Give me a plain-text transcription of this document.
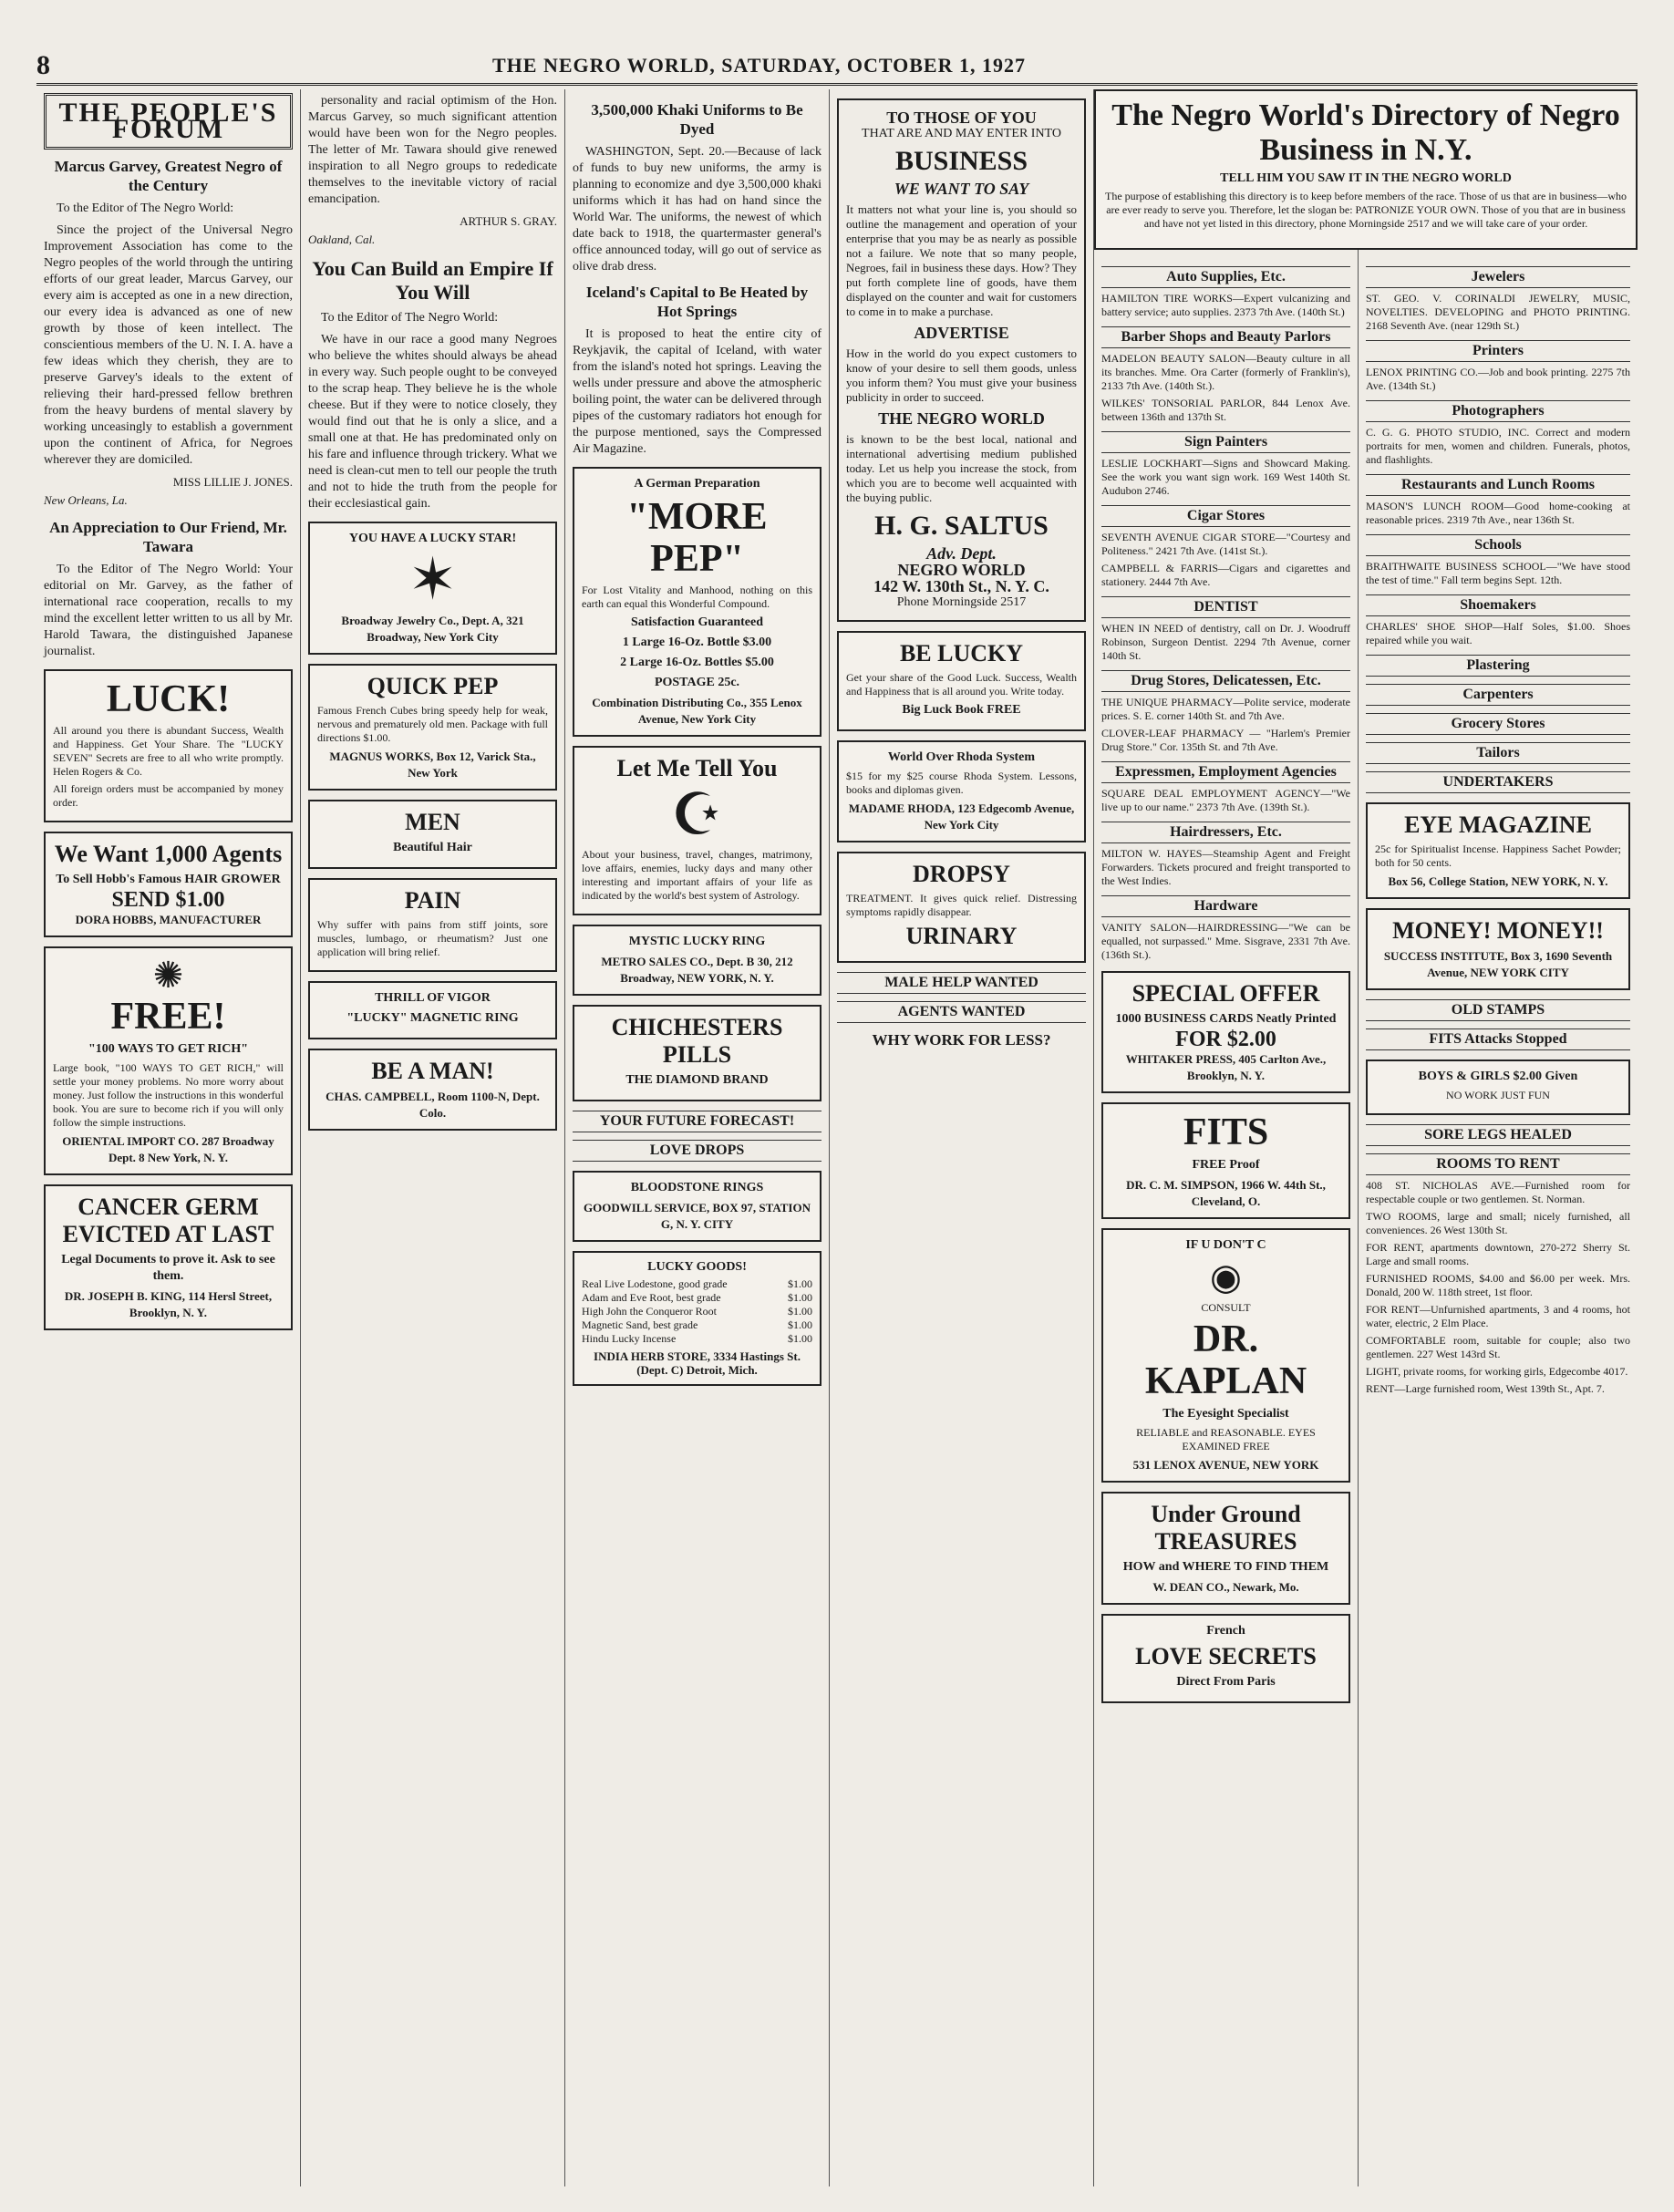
8	THE NEGRO WORLD, SATURDAY, OCTOBER 1, 1927
THE PEOPLE'S FORUM
Marcus Garvey, Greatest Negro of the Century
To the Editor of The Negro World:
Since the project of the Universal Negro Improvement Association has come to the Negro peoples of the world through the untiring efforts of our great leader, Marcus Garvey, our every aim is accepted as one in a new direction, our every idea is advanced as one of new growth by those of keen intellect. The conscientious members of the U. N. I. A. have a few ideas which they cherish, they are to preserve Garvey's ideals to the extent of relieving their hard-pressed fellow brethren from the heavy burdens of mental slavery by working unceasingly to establish a government upon the continent of Africa, for Negroes wherever they are domiciled.
MISS LILLIE J. JONES.
New Orleans, La.
An Appreciation to Our Friend, Mr. Tawara
To the Editor of The Negro World: Your editorial on Mr. Garvey, as the father of international race cooperation, recalls to my mind the excellent letter written to us all by Mr. Harold Tawara, the distinguished Japanese journalist.
LUCK!
All around you there is abundant Success, Wealth and Happiness. Get Your Share. The "LUCKY SEVEN" Secrets are free to all who write promptly. Helen Rogers & Co.
All foreign orders must be accompanied by money order.
We Want 1,000 Agents
To Sell Hobb's Famous HAIR GROWER
SEND $1.00
DORA HOBBS, MANUFACTURER
✺
FREE!
"100 WAYS TO GET RICH"
Large book, "100 WAYS TO GET RICH," will settle your money problems. No more worry about money. Just follow the instructions in this wonderful book. You are sure to become rich if you will only follow the simple instructions.
ORIENTAL IMPORT CO. 287 Broadway Dept. 8 New York, N. Y.
CANCER GERM EVICTED AT LAST
Legal Documents to prove it. Ask to see them.
DR. JOSEPH B. KING, 114 Hersl Street, Brooklyn, N. Y.
personality and racial optimism of the Hon. Marcus Garvey, so much significant attention would have been won for the Negro peoples. The letter of Mr. Tawara should give renewed inspiration to all Negro groups to rededicate themselves to the inevitable victory of racial emancipation.
ARTHUR S. GRAY.
Oakland, Cal.
You Can Build an Empire If You Will
To the Editor of The Negro World:
We have in our race a good many Negroes who believe the whites should always be ahead in every way. Such people ought to be conveyed to the scrap heap. They believe he is the whole cheese. But if they were to notice closely, they would find out that he is only a slice, and a small one at that. He has predominated only on his fare and influence through trickery. What we need is clean-cut men to tell our people the truth and not to hide the truth from the people for their ecclesiastical gain.
YOU HAVE A LUCKY STAR!
✶
Broadway Jewelry Co., Dept. A, 321 Broadway, New York City
QUICK PEP
Famous French Cubes bring speedy help for weak, nervous and prematurely old men. Package with full directions $1.00.
MAGNUS WORKS, Box 12, Varick Sta., New York
MEN
Beautiful Hair
PAIN
Why suffer with pains from stiff joints, sore muscles, lumbago, or rheumatism? Just one application will bring relief.
THRILL OF VIGOR
"LUCKY" MAGNETIC RING
BE A MAN!
CHAS. CAMPBELL, Room 1100-N, Dept. Colo.
3,500,000 Khaki Uniforms to Be Dyed
WASHINGTON, Sept. 20.—Because of lack of funds to buy new uniforms, the army is planning to economize and dye 3,500,000 khaki uniforms which it has had on hand since the World War. The uniforms, the newest of which date back to 1918, the quartermaster general's office announced today, will go out of service as olive drab dress.
Iceland's Capital to Be Heated by Hot Springs
It is proposed to heat the entire city of Reykjavik, the capital of Iceland, with water from the island's noted hot springs. Leaving the wells under pressure and above the atmospheric boiling point, the water can be delivered through pipes of the customary radiators hot enough for the purpose mentioned, says the Compressed Air Magazine.
A German Preparation
"MORE PEP"
For Lost Vitality and Manhood, nothing on this earth can equal this Wonderful Compound.
Satisfaction Guaranteed
1 Large 16-Oz. Bottle $3.00
2 Large 16-Oz. Bottles $5.00
POSTAGE 25c.
Combination Distributing Co., 355 Lenox Avenue, New York City
Let Me Tell You
☪
About your business, travel, changes, matrimony, love affairs, enemies, lucky days and many other interesting and important affairs of your life as indicated by the world's best system of Astrology.
MYSTIC LUCKY RING
METRO SALES CO., Dept. B 30, 212 Broadway, NEW YORK, N. Y.
CHICHESTERS PILLS
THE DIAMOND BRAND
YOUR FUTURE FORECAST!
LOVE DROPS
BLOODSTONE RINGS
GOODWILL SERVICE, BOX 97, STATION G, N. Y. CITY
LUCKY GOODS!
Real Live Lodestone, good grade	$1.00
Adam and Eve Root, best grade	$1.00
High John the Conqueror Root	$1.00
Magnetic Sand, best grade	$1.00
Hindu Lucky Incense	$1.00
INDIA HERB STORE, 3334 Hastings St. (Dept. C) Detroit, Mich.
TO THOSE OF YOU
THAT ARE AND MAY ENTER INTO
BUSINESS
WE WANT TO SAY

It matters not what your line is, you should so outline the management and operation of your enterprise that you may be as nearly as possible not a failure. We note that so many people, Negroes, fail in business these days. How? They put forth complete line of goods, have them displayed on the counter and wait for customers to come in to make a purchase.

ADVERTISE

How in the world do you expect customers to know of your desire to sell them goods, unless you inform them? You must give your business publicity in order to succeed.

THE NEGRO WORLD

is known to be the best local, national and international advertising medium published today. Let us help you increase the stock, from which you are to become well acquainted with the buying public.

H. G. SALTUS
Adv. Dept.
NEGRO WORLD
142 W. 130th St., N. Y. C.
Phone Morningside 2517
BE LUCKY
Get your share of the Good Luck. Success, Wealth and Happiness that is all around you. Write today.
Big Luck Book FREE
World Over Rhoda System
$15 for my $25 course Rhoda System. Lessons, books and diplomas given.
MADAME RHODA, 123 Edgecomb Avenue, New York City
DROPSY
TREATMENT. It gives quick relief. Distressing symptoms rapidly disappear.
URINARY
MALE HELP WANTED
AGENTS WANTED
WHY WORK FOR LESS?
Auto Supplies, Etc.
HAMILTON TIRE WORKS—Expert vulcanizing and battery service; auto supplies. 2373 7th Ave. (140th St.)
Barber Shops and Beauty Parlors
MADELON BEAUTY SALON—Beauty culture in all its branches. Mme. Ora Carter (formerly of Franklin's), 2133 7th Ave. (140th St.).
WILKES' TONSORIAL PARLOR, 844 Lenox Ave. between 136th and 137th St.
Sign Painters
LESLIE LOCKHART—Signs and Showcard Making. See the work you want sign work. 169 West 140th St. Audubon 2746.
Cigar Stores
SEVENTH AVENUE CIGAR STORE—"Courtesy and Politeness." 2421 7th Ave. (141st St.).
CAMPBELL & FARRIS—Cigars and cigarettes and stationery. 2444 7th Ave.
DENTIST
WHEN IN NEED of dentistry, call on Dr. J. Woodruff Robinson, Surgeon Dentist. 2294 7th Avenue, corner 140th St.
Drug Stores, Delicatessen, Etc.
THE UNIQUE PHARMACY—Polite service, moderate prices. S. E. corner 140th St. and 7th Ave.
CLOVER-LEAF PHARMACY — "Harlem's Premier Drug Store." Cor. 135th St. and 7th Ave.
Expressmen, Employment Agencies
SQUARE DEAL EMPLOYMENT AGENCY—"We live up to our name." 2373 7th Ave. (139th St.).
Hairdressers, Etc.
MILTON W. HAYES—Steamship Agent and Freight Forwarders. Tickets procured and freight transported to the West Indies.
Hardware
VANITY SALON—HAIRDRESSING—"We can be equalled, not surpassed." Mme. Sisgrave, 2331 7th Ave. (136th St.).
SPECIAL OFFER
1000 BUSINESS CARDS Neatly Printed
FOR $2.00
WHITAKER PRESS, 405 Carlton Ave., Brooklyn, N. Y.
FITS
FREE Proof
DR. C. M. SIMPSON, 1966 W. 44th St., Cleveland, O.
IF U DON'T C
◉
CONSULT
DR. KAPLAN
The Eyesight Specialist
RELIABLE and REASONABLE. EYES EXAMINED FREE
531 LENOX AVENUE, NEW YORK
Under Ground TREASURES
HOW and WHERE TO FIND THEM
W. DEAN CO., Newark, Mo.
French
LOVE SECRETS
Direct From Paris
The Negro World's Directory of Negro Business in N.Y.
TELL HIM YOU SAW IT IN THE NEGRO WORLD
The purpose of establishing this directory is to keep before members of the race. Those of us that are in business—who are ever ready to serve you. Therefore, let the slogan be: PATRONIZE YOUR OWN. Those of you that are in business and have not yet listed in this directory, phone Morningside 2517 and we will take care of your order.
Jewelers
ST. GEO. V. CORINALDI JEWELRY, MUSIC, NOVELTIES. DEVELOPING and PHOTO PRINTING. 2168 Seventh Ave. (near 129th St.)
Printers
LENOX PRINTING CO.—Job and book printing. 2275 7th Ave. (134th St.)
Photographers
C. G. G. PHOTO STUDIO, INC. Correct and modern portraits for men, women and children. Funerals, photos, and flashlights.
Restaurants and Lunch Rooms
MASON'S LUNCH ROOM—Good home-cooking at reasonable prices. 2319 7th Ave., near 136th St.
Schools
BRAITHWAITE BUSINESS SCHOOL—"We have stood the test of time." Fall term begins Sept. 12th.
Shoemakers
CHARLES' SHOE SHOP—Half Soles, $1.00. Shoes repaired while you wait.
Plastering
Carpenters
Grocery Stores
Tailors
UNDERTAKERS
EYE MAGAZINE
25c for Spiritualist Incense. Happiness Sachet Powder; both for 50 cents.
Box 56, College Station, NEW YORK, N. Y.
MONEY! MONEY!!
SUCCESS INSTITUTE, Box 3, 1690 Seventh Avenue, NEW YORK CITY
OLD STAMPS
FITS Attacks Stopped
BOYS & GIRLS $2.00 Given
NO WORK JUST FUN
SORE LEGS HEALED
ROOMS TO RENT
408 ST. NICHOLAS AVE.—Furnished room for respectable couple or two gentlemen. St. Norman.
TWO ROOMS, large and small; nicely furnished, all conveniences. 26 West 130th St.
FOR RENT, apartments downtown, 270-272 Sherry St. Large and small rooms.
FURNISHED ROOMS, $4.00 and $6.00 per week. Mrs. Donald, 200 W. 118th street, 1st floor.
FOR RENT—Unfurnished apartments, 3 and 4 rooms, hot water, electric, 2 Elm Place.
COMFORTABLE room, suitable for couple; also two gentlemen. 227 West 143rd St.
LIGHT, private rooms, for working girls, Edgecombe 4017.
RENT—Large furnished room, West 139th St., Apt. 7.
